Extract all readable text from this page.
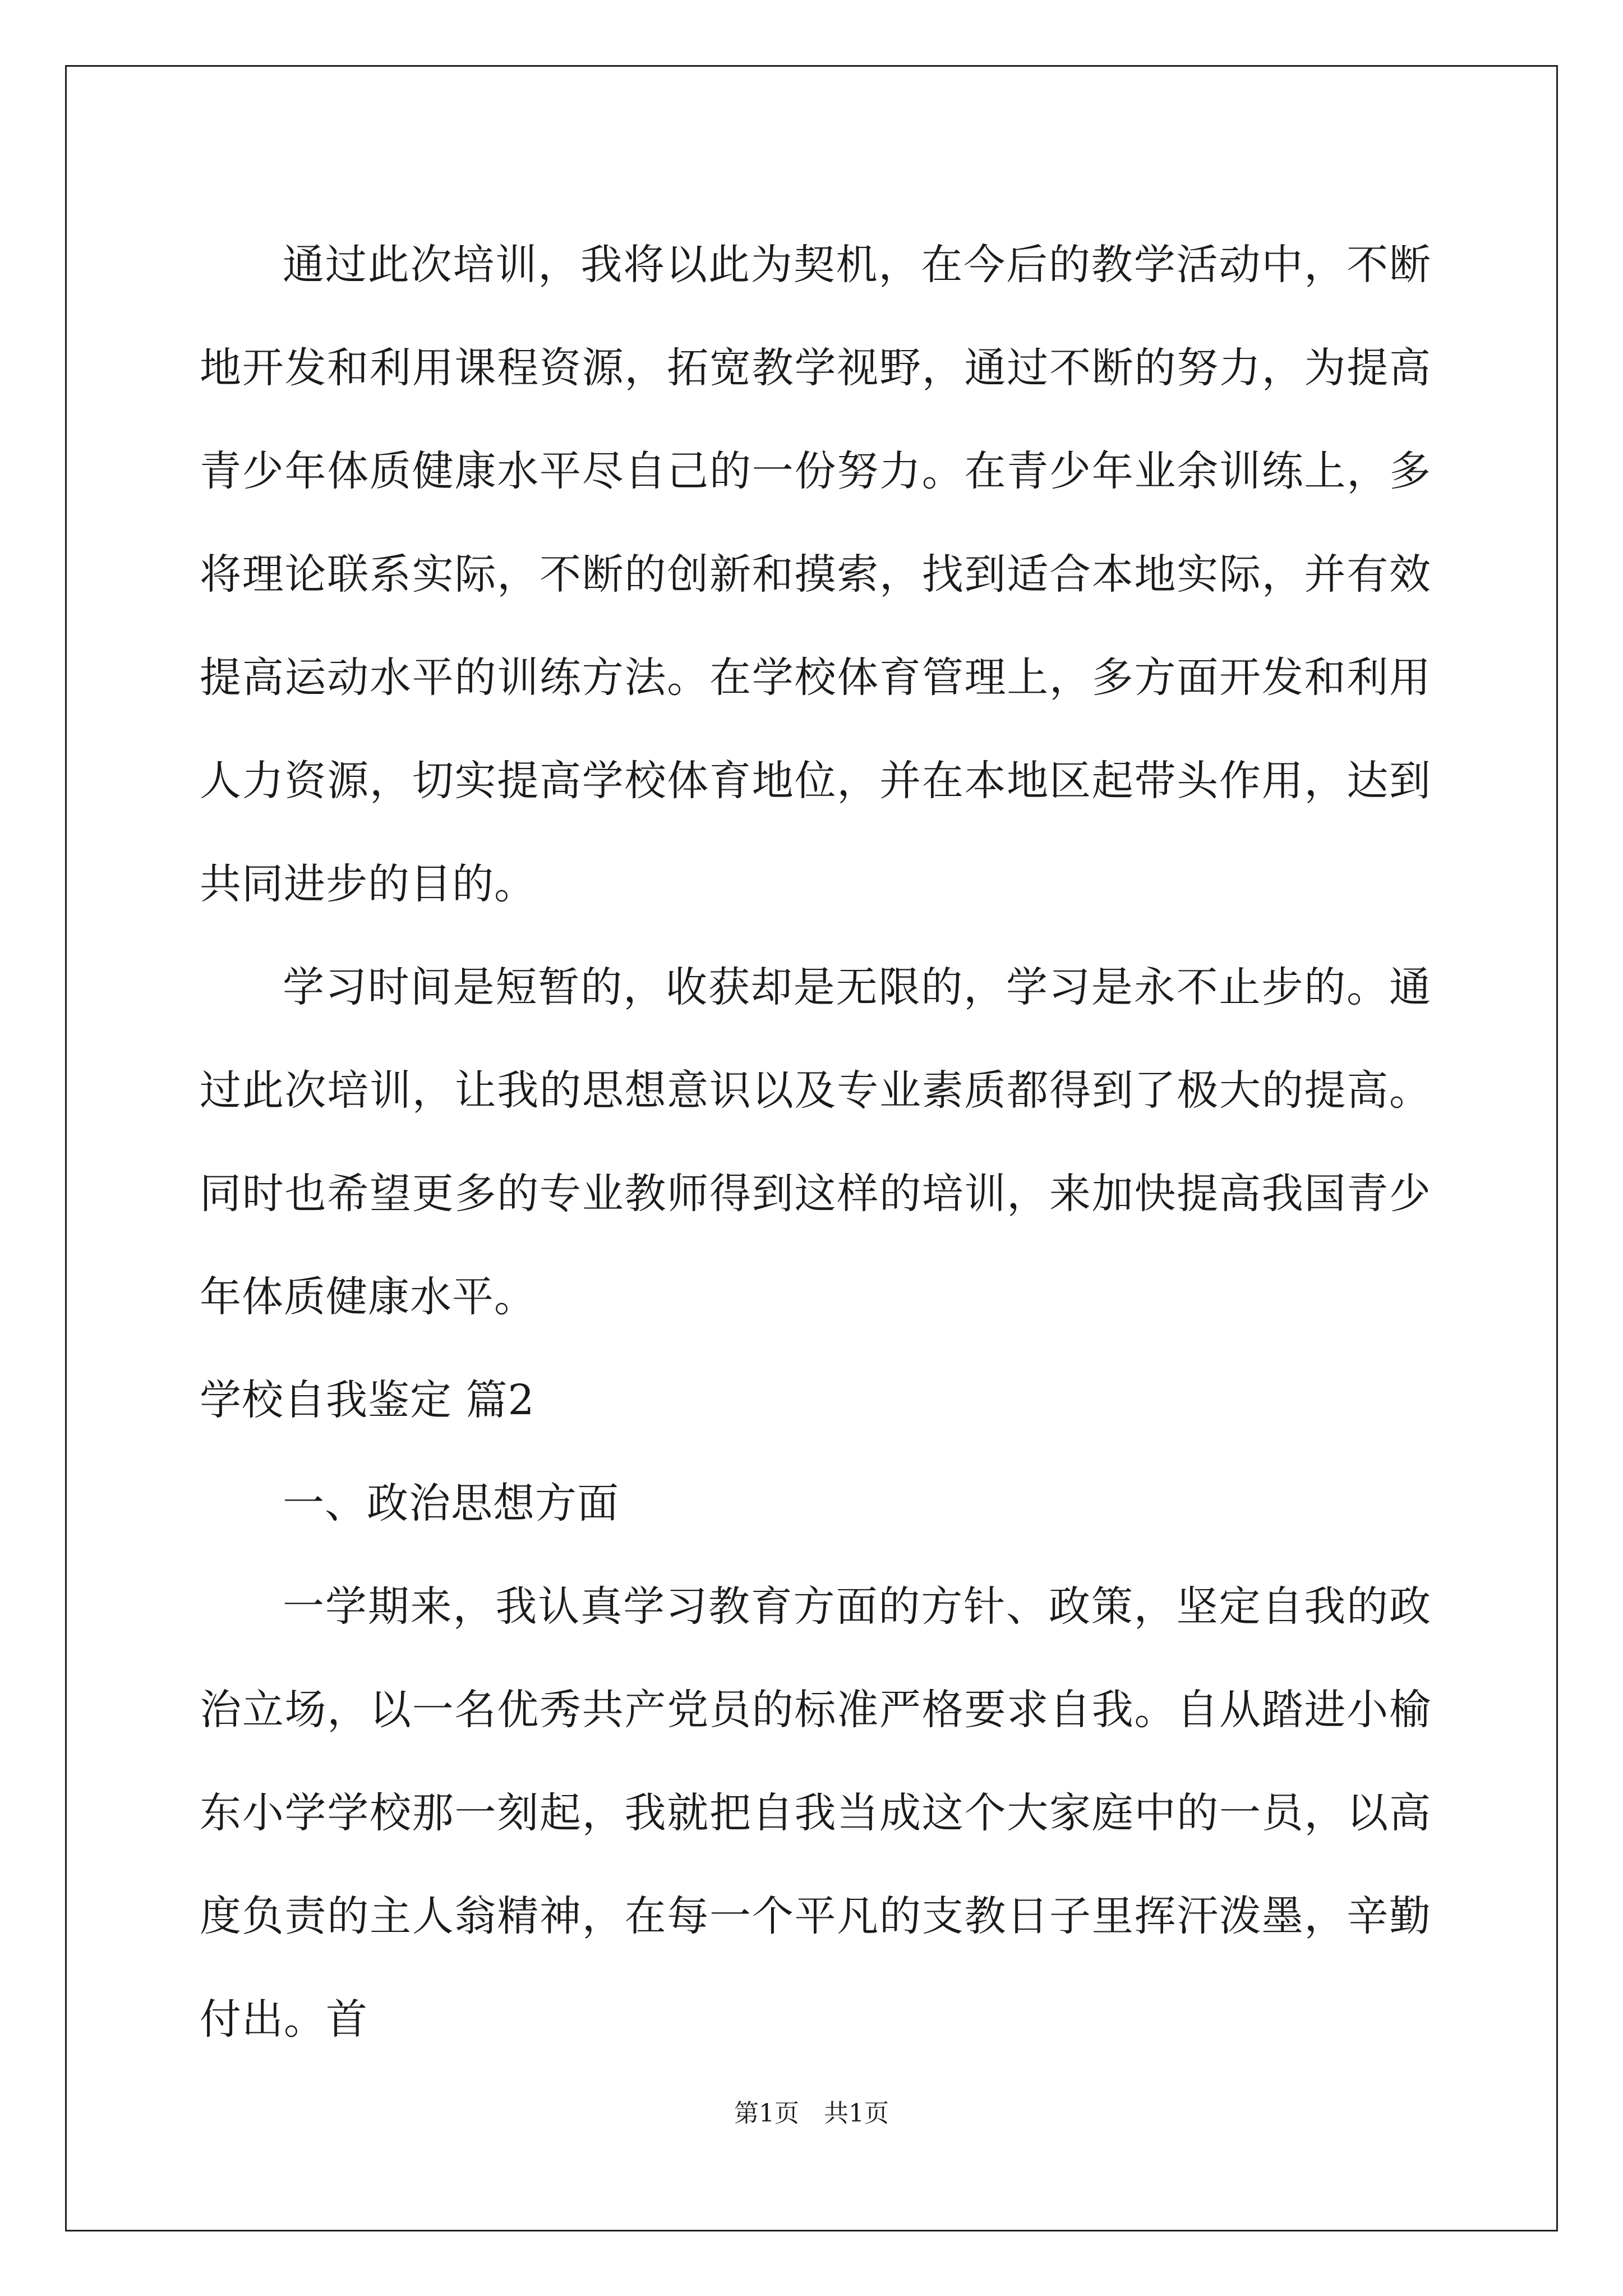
通过此次培训，我将以此为契机，在今后的教学活动中，不断地开发和利用课程资源，拓宽教学视野，通过不断的努力，为提高青少年体质健康水平尽自己的一份努力。在青少年业余训练上，多将理论联系实际，不断的创新和摸索，找到适合本地实际，并有效提高运动水平的训练方法。在学校体育管理上，多方面开发和利用人力资源，切实提高学校体育地位，并在本地区起带头作用，达到共同进步的目的。

学习时间是短暂的，收获却是无限的，学习是永不止步的。通过此次培训，让我的思想意识以及专业素质都得到了极大的提高。同时也希望更多的专业教师得到这样的培训，来加快提高我国青少年体质健康水平。

学校自我鉴定 篇2

一、政治思想方面

一学期来，我认真学习教育方面的方针、政策，坚定自我的政治立场，以一名优秀共产党员的标准严格要求自我。自从踏进小榆东小学学校那一刻起，我就把自我当成这个大家庭中的一员，以高度负责的主人翁精神，在每一个平凡的支教日子里挥汗泼墨，辛勤付出。首

第1页　共1页
